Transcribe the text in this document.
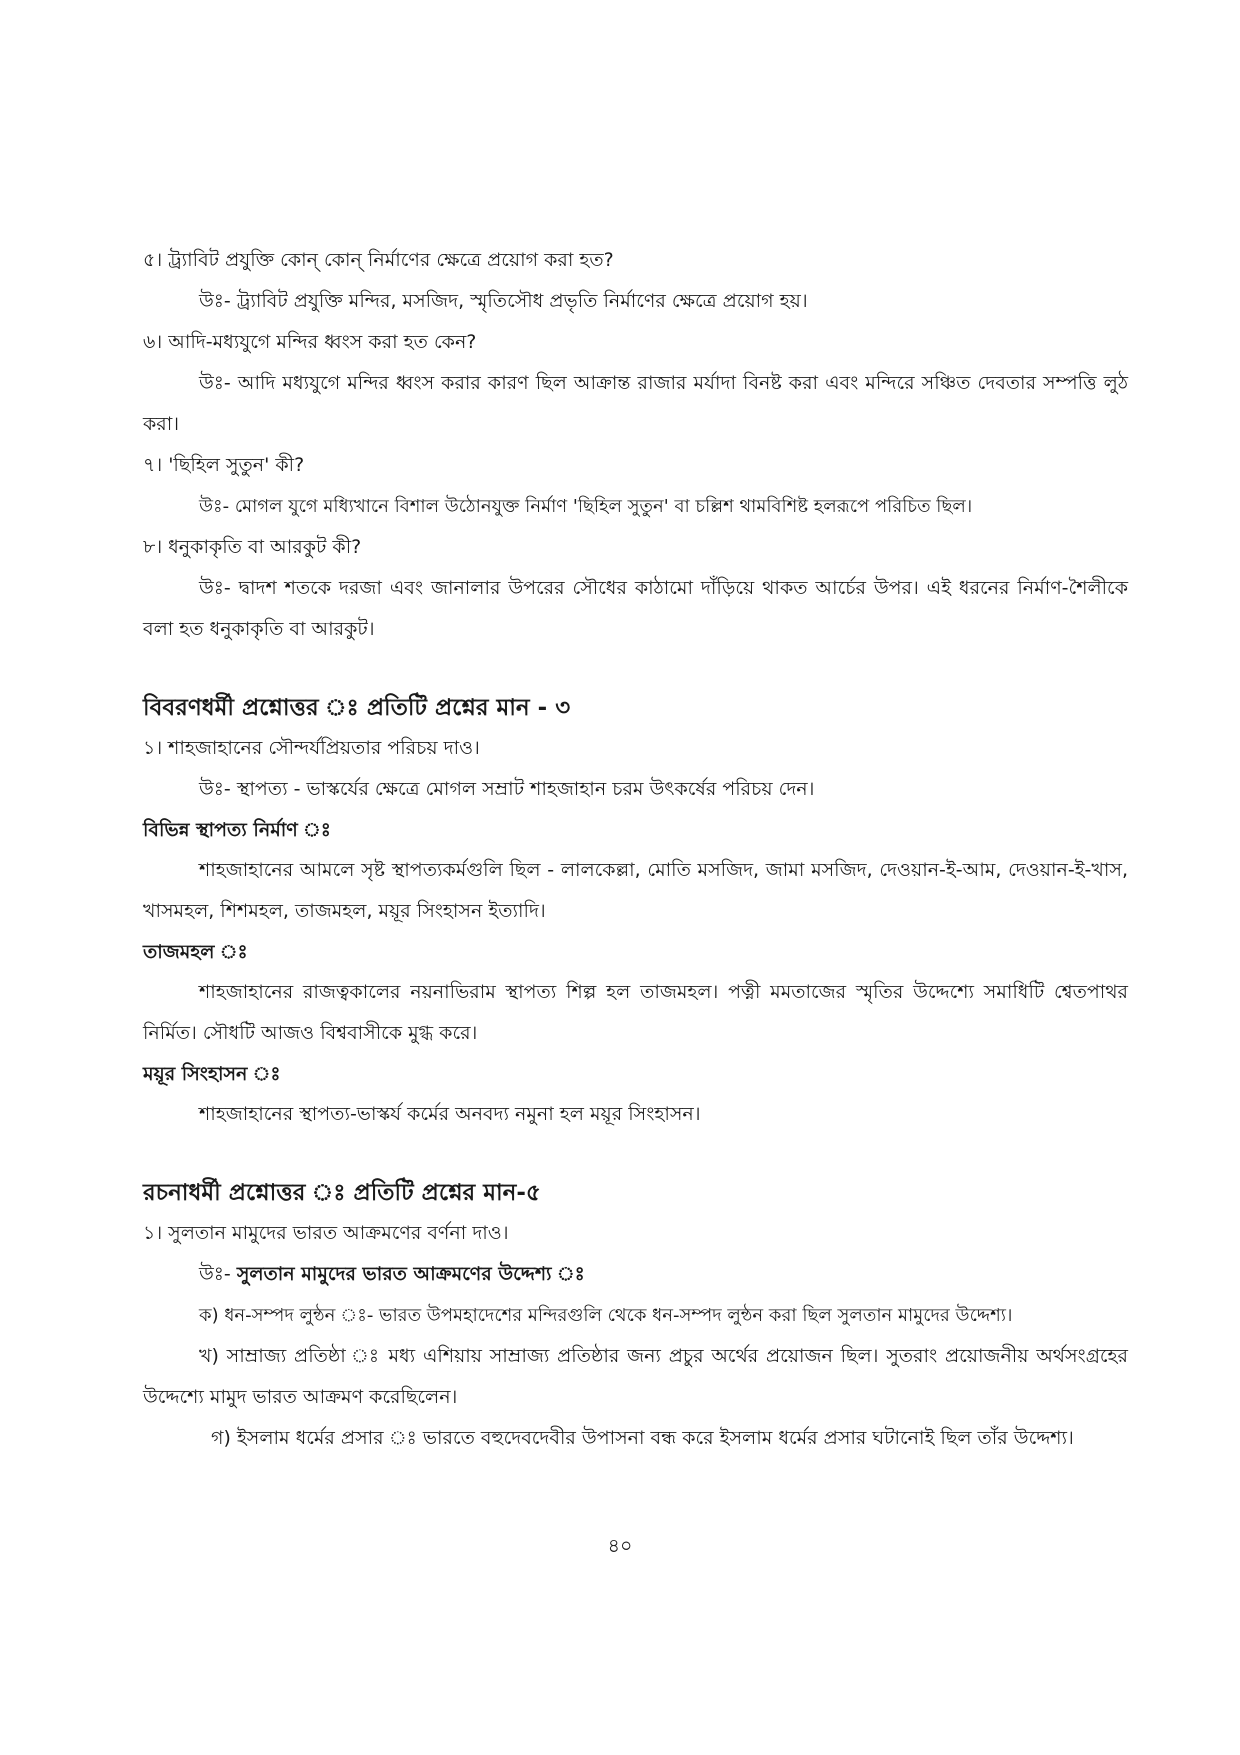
৫। ট্র্যাবিট প্রযুক্তি কোন্ কোন্ নির্মাণের ক্ষেত্রে প্রয়োগ করা হত?

উঃ- ট্র্যাবিট প্রযুক্তি মন্দির, মসজিদ, স্মৃতিসৌধ প্রভৃতি নির্মাণের ক্ষেত্রে প্রয়োগ হয়।

৬। আদি-মধ্যযুগে মন্দির ধ্বংস করা হত কেন?

উঃ- আদি মধ্যযুগে মন্দির ধ্বংস করার কারণ ছিল আক্রান্ত রাজার মর্যাদা বিনষ্ট করা এবং মন্দিরে সঞ্চিত দেবতার সম্পত্তি লুঠ করা।

৭। 'ছিহিল সুতুন' কী?

উঃ- মোগল যুগে মধ্যিখানে বিশাল উঠোনযুক্ত নির্মাণ 'ছিহিল সুতুন' বা চল্লিশ থামবিশিষ্ট হলরূপে পরিচিত ছিল।

৮। ধনুকাকৃতি বা আরকুট কী?

উঃ- দ্বাদশ শতকে দরজা এবং জানালার উপরের সৌধের কাঠামো দাঁড়িয়ে থাকত আর্চের উপর। এই ধরনের নির্মাণ-শৈলীকে বলা হত ধনুকাকৃতি বা আরকুট।

বিবরণধর্মী প্রশ্নোত্তর ঃ প্রতিটি প্রশ্নের মান - ৩

১। শাহজাহানের সৌন্দর্যপ্রিয়তার পরিচয় দাও।

উঃ- স্থাপত্য - ভাস্কর্যের ক্ষেত্রে মোগল সম্রাট শাহজাহান চরম উৎকর্ষের পরিচয় দেন।

বিভিন্ন স্থাপত্য নির্মাণ ঃ

শাহজাহানের আমলে সৃষ্ট স্থাপত্যকর্মগুলি ছিল - লালকেল্লা, মোতি মসজিদ, জামা মসজিদ, দেওয়ান-ই-আম, দেওয়ান-ই-খাস, খাসমহল, শিশমহল, তাজমহল, ময়ূর সিংহাসন ইত্যাদি।

তাজমহল ঃ

শাহজাহানের রাজত্বকালের নয়নাভিরাম স্থাপত্য শিল্প হল তাজমহল। পত্নী মমতাজের স্মৃতির উদ্দেশ্যে সমাধিটি শ্বেতপাথর নির্মিত। সৌধটি আজও বিশ্ববাসীকে মুগ্ধ করে।

ময়ূর সিংহাসন ঃ

শাহজাহানের স্থাপত্য-ভাস্কর্য কর্মের অনবদ্য নমুনা হল ময়ূর সিংহাসন।

রচনাধর্মী প্রশ্নোত্তর ঃ প্রতিটি প্রশ্নের মান-৫

১। সুলতান মামুদের ভারত আক্রমণের বর্ণনা দাও।

উঃ- সুলতান মামুদের ভারত আক্রমণের উদ্দেশ্য ঃ

ক) ধন-সম্পদ লুন্ঠন ঃ- ভারত উপমহাদেশের মন্দিরগুলি থেকে ধন-সম্পদ লুন্ঠন করা ছিল সুলতান মামুদের উদ্দেশ্য।

খ) সাম্রাজ্য প্রতিষ্ঠা ঃ মধ্য এশিয়ায় সাম্রাজ্য প্রতিষ্ঠার জন্য প্রচুর অর্থের প্রয়োজন ছিল। সুতরাং প্রয়োজনীয় অর্থসংগ্রহের উদ্দেশ্যে মামুদ ভারত আক্রমণ করেছিলেন।

গ) ইসলাম ধর্মের প্রসার ঃ ভারতে বহুদেবদেবীর উপাসনা বন্ধ করে ইসলাম ধর্মের প্রসার ঘটানোই ছিল তাঁর উদ্দেশ্য।

৪০
